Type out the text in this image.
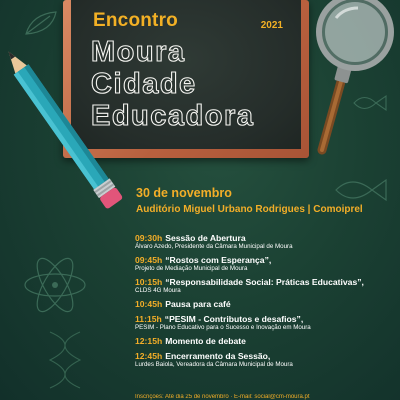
Encontro	2021
Moura
Cidade
Educadora
30 de novembro
Auditório Miguel Urbano Rodrigues | Comoiprel
09:30h Sessão de Abertura
Álvaro Azedo, Presidente da Câmara Municipal de Moura
09:45h “Rostos com Esperança”,
Projeto de Mediação Municipal de Moura
10:15h “Responsabilidade Social: Práticas Educativas”,
CLDS 4G Moura
10:45h Pausa para café
11:15h “PESIM - Contributos e desafios”,
PESIM - Plano Educativo para o Sucesso e Inovação em Moura
12:15h Momento de debate
12:45h Encerramento da Sessão,
Lurdes Baiola, Vereadora da Câmara Municipal de Moura
Inscrições: Até dia 25 de novembro · E-mail: social@cm-moura.pt
